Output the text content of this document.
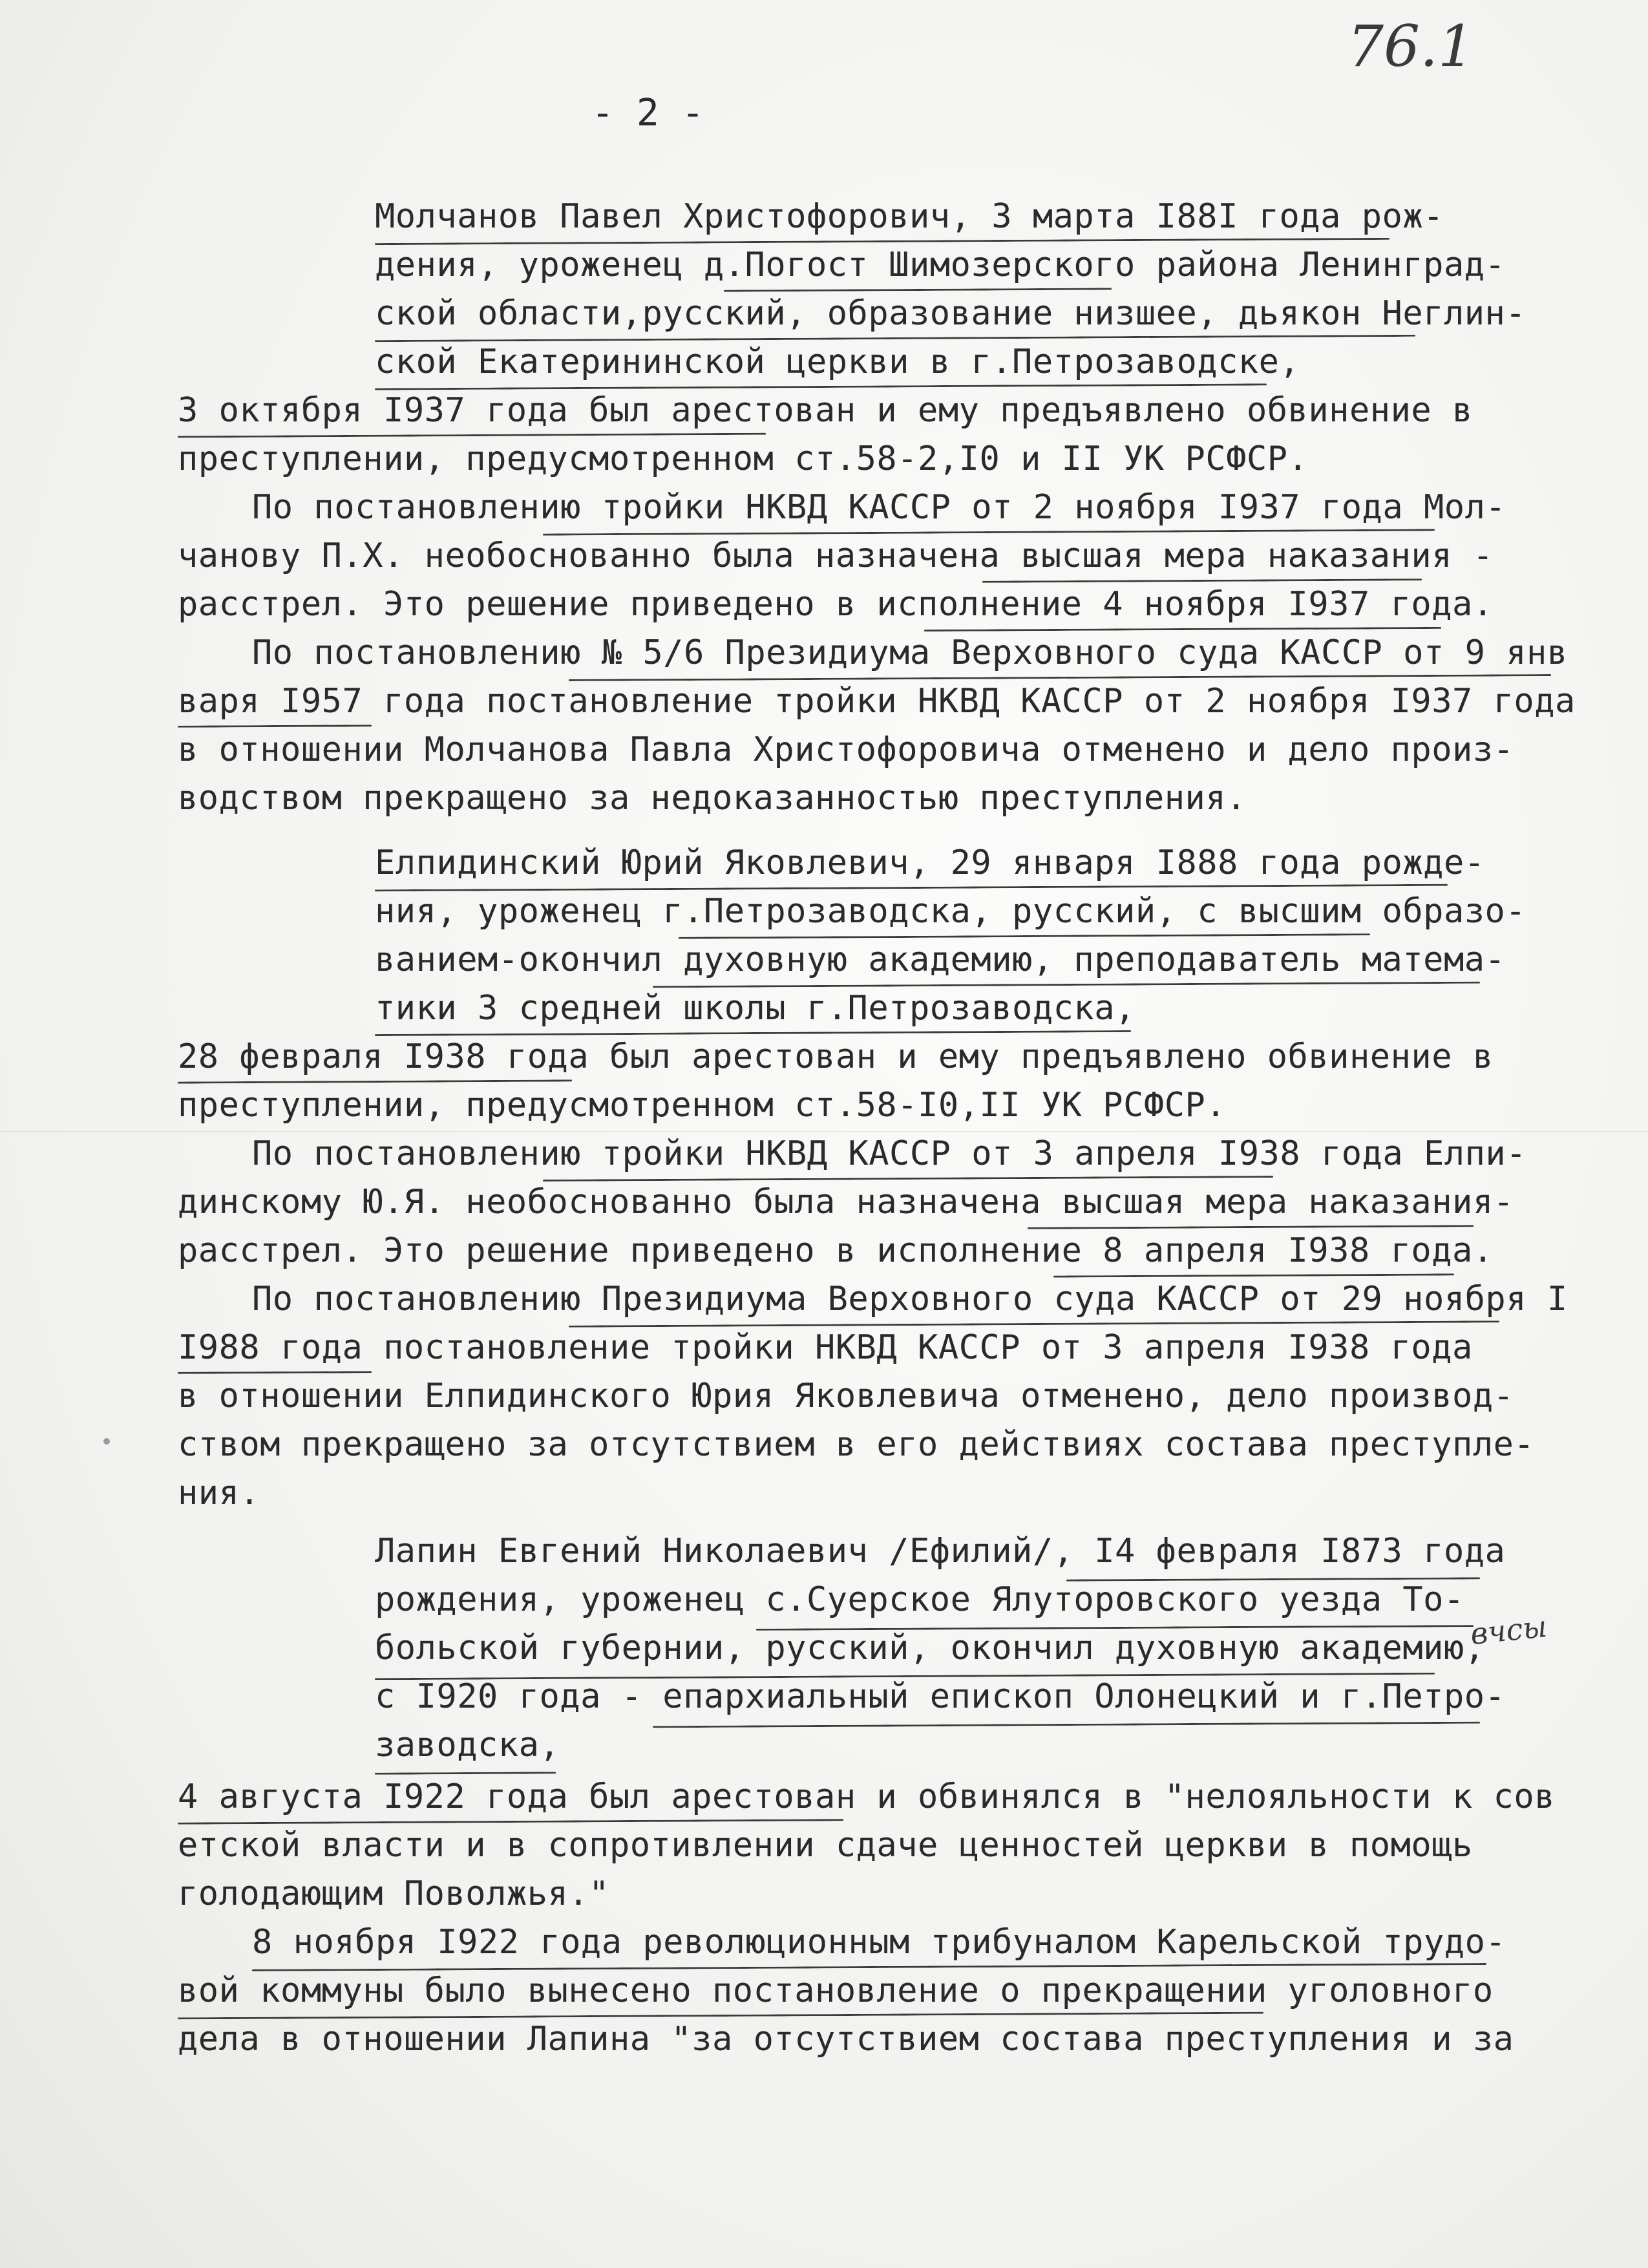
- 2 -
76.1
вчсы
Молчанов Павел Христофорович, 3 марта I88I года рож-
дения, уроженец д.Погост Шимозерского района Ленинград-
ской области,русский, образование низшее, дьякон Неглин-
ской Екатерининской церкви в г.Петрозаводске,
3 октября I937 года был арестован и ему предъявлено обвинение в
преступлении, предусмотренном ст.58-2,I0 и II УК РСФСР.
По постановлению тройки НКВД КАССР от 2 ноября I937 года Мол-
чанову П.Х. необоснованно была назначена высшая мера наказания -
расстрел. Это решение приведено в исполнение 4 ноября I937 года.
По постановлению № 5/6 Президиума Верховного суда КАССР от 9 янв
варя I957 года постановление тройки НКВД КАССР от 2 ноября I937 года
в отношении Молчанова Павла Христофоровича отменено и дело произ-
водством прекращено за недоказанностью преступления.
Елпидинский Юрий Яковлевич, 29 января I888 года рожде-
ния, уроженец г.Петрозаводска, русский, с высшим образо-
ванием-окончил духовную академию, преподаватель матема-
тики 3 средней школы г.Петрозаводска,
28 февраля I938 года был арестован и ему предъявлено обвинение в
преступлении, предусмотренном ст.58-I0,II УК РСФСР.
По постановлению тройки НКВД КАССР от 3 апреля I938 года Елпи-
динскому Ю.Я. необоснованно была назначена высшая мера наказания-
расстрел. Это решение приведено в исполнение 8 апреля I938 года.
По постановлению Президиума Верховного суда КАССР от 29 ноября I
I988 года постановление тройки НКВД КАССР от 3 апреля I938 года
в отношении Елпидинского Юрия Яковлевича отменено, дело производ-
ством прекращено за отсутствием в его действиях состава преступле-
ния.
Лапин Евгений Николаевич /Ефилий/, I4 февраля I873 года
рождения, уроженец с.Суерское Ялуторовского уезда То-
больской губернии, русский, окончил духовную академию,
с I920 года - епархиальный епископ Олонецкий и г.Петро-
заводска,
4 августа I922 года был арестован и обвинялся в "нелояльности к сов
етской власти и в сопротивлении сдаче ценностей церкви в помощь
голодающим Поволжья."
8 ноября I922 года революционным трибуналом Карельской трудо-
вой коммуны было вынесено постановление о прекращении уголовного
дела в отношении Лапина "за отсутствием состава преступления и за
